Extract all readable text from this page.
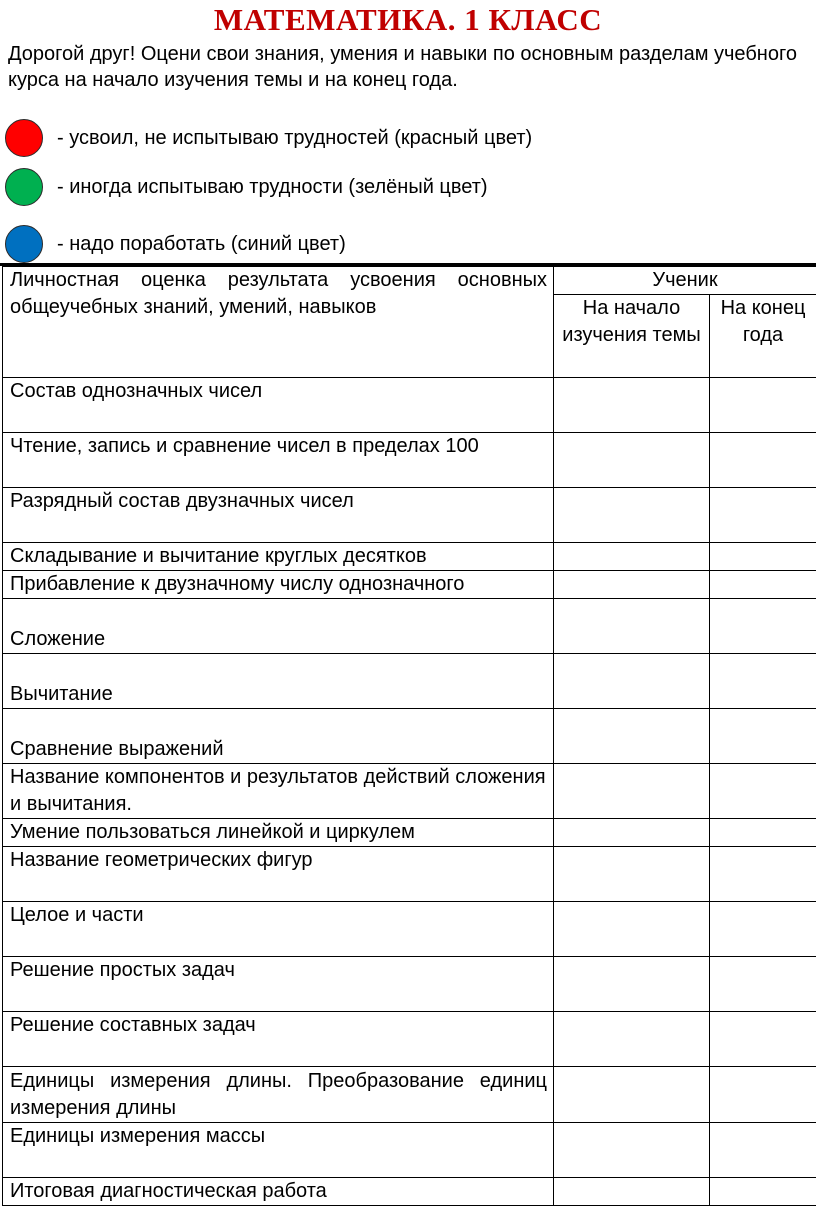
МАТЕМАТИКА. 1 КЛАСС
Дорогой друг! Оцени свои знания, умения и навыки по основным разделам учебного курса на начало изучения темы и на конец года.
- усвоил, не испытываю трудностей (красный цвет)
- иногда испытываю трудности (зелёный цвет)
- надо поработать (синий цвет)
Личностная оценка результата усвоения основных общеучебных знаний, умений, навыков	Ученик	
	На начало изучения темы	На конец года
Состав однозначных чисел		
Чтение, запись и сравнение чисел в пределах 100		
Разрядный состав двузначных чисел		
Складывание и вычитание круглых десятков		
Прибавление к двузначному числу однозначного		
Сложение		
Вычитание		
Сравнение выражений		
Название компонентов и результатов действий сложения и вычитания.		
Умение пользоваться линейкой и циркулем		
Название геометрических фигур		
Целое и части		
Решение простых задач		
Решение составных задач		
Единицы измерения длины. Преобразование единиц измерения длины		
Единицы измерения массы		
Итоговая диагностическая работа		
